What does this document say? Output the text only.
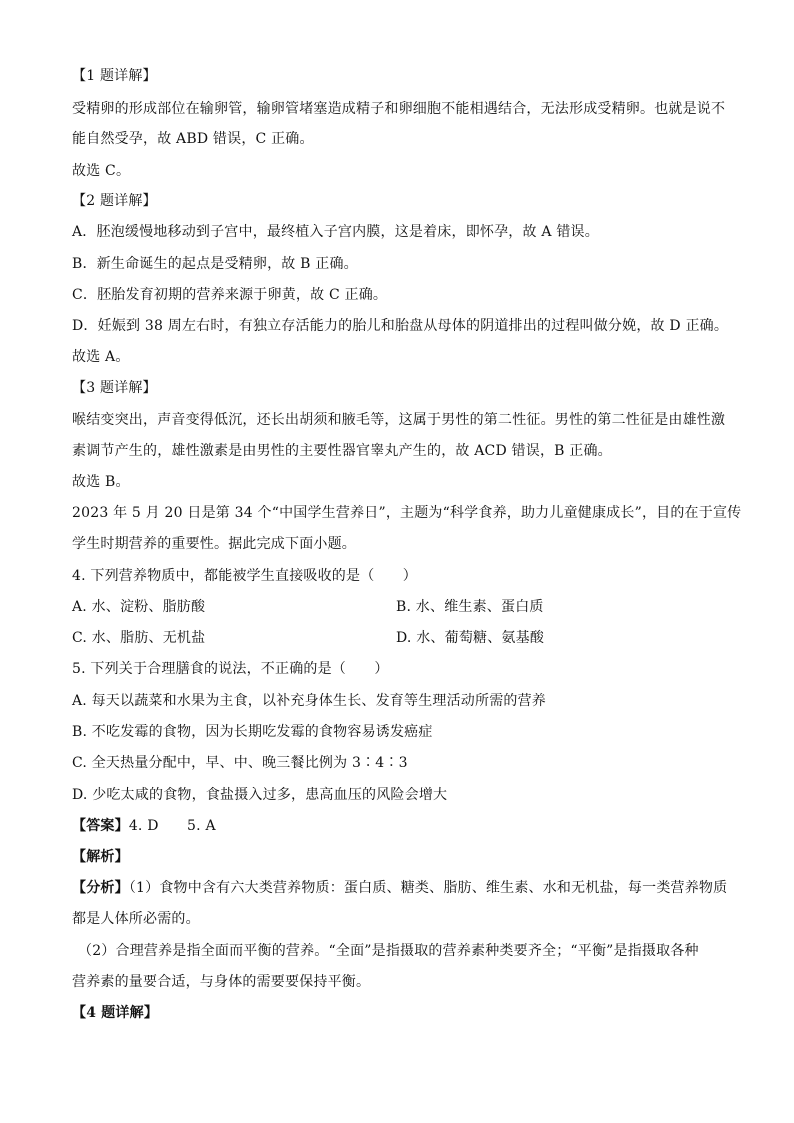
【1 题详解】
受精卵的形成部位在输卵管，输卵管堵塞造成精子和卵细胞不能相遇结合，无法形成受精卵。也就是说不
能自然受孕，故 ABD 错误，C 正确。
故选 C。
【2 题详解】
A．胚泡缓慢地移动到子宫中，最终植入子宫内膜，这是着床，即怀孕，故 A 错误。
B．新生命诞生的起点是受精卵，故 B 正确。
C．胚胎发育初期的营养来源于卵黄，故 C 正确。
D．妊娠到 38 周左右时，有独立存活能力的胎儿和胎盘从母体的阴道排出的过程叫做分娩，故 D 正确。
故选 A。
【3 题详解】
喉结变突出，声音变得低沉，还长出胡须和腋毛等，这属于男性的第二性征。男性的第二性征是由雄性激
素调节产生的，雄性激素是由男性的主要性器官睾丸产生的，故 ACD 错误，B 正确。
故选 B。
2023 年 5 月 20 日是第 34 个“中国学生营养日”，主题为“科学食养，助力儿童健康成长”，目的在于宣传
学生时期营养的重要性。据此完成下面小题。
4. 下列营养物质中，都能被学生直接吸收的是（　　）
A. 水、淀粉、脂肪酸	B. 水、维生素、蛋白质
C. 水、脂肪、无机盐	D. 水、葡萄糖、氨基酸
5. 下列关于合理膳食的说法，不正确的是（　　）
A. 每天以蔬菜和水果为主食，以补充身体生长、发育等生理活动所需的营养
B. 不吃发霉的食物，因为长期吃发霉的食物容易诱发癌症
C. 全天热量分配中，早、中、晚三餐比例为 3∶4∶3
D. 少吃太咸的食物，食盐摄入过多，患高血压的风险会增大
【答案】4. D　　5. A
【解析】
【分析】（1）食物中含有六大类营养物质：蛋白质、糖类、脂肪、维生素、水和无机盐，每一类营养物质
都是人体所必需的。
（2）合理营养是指全面而平衡的营养。“全面”是指摄取的营养素种类要齐全；“平衡”是指摄取各种
营养素的量要合适，与身体的需要要保持平衡。
【4 题详解】
